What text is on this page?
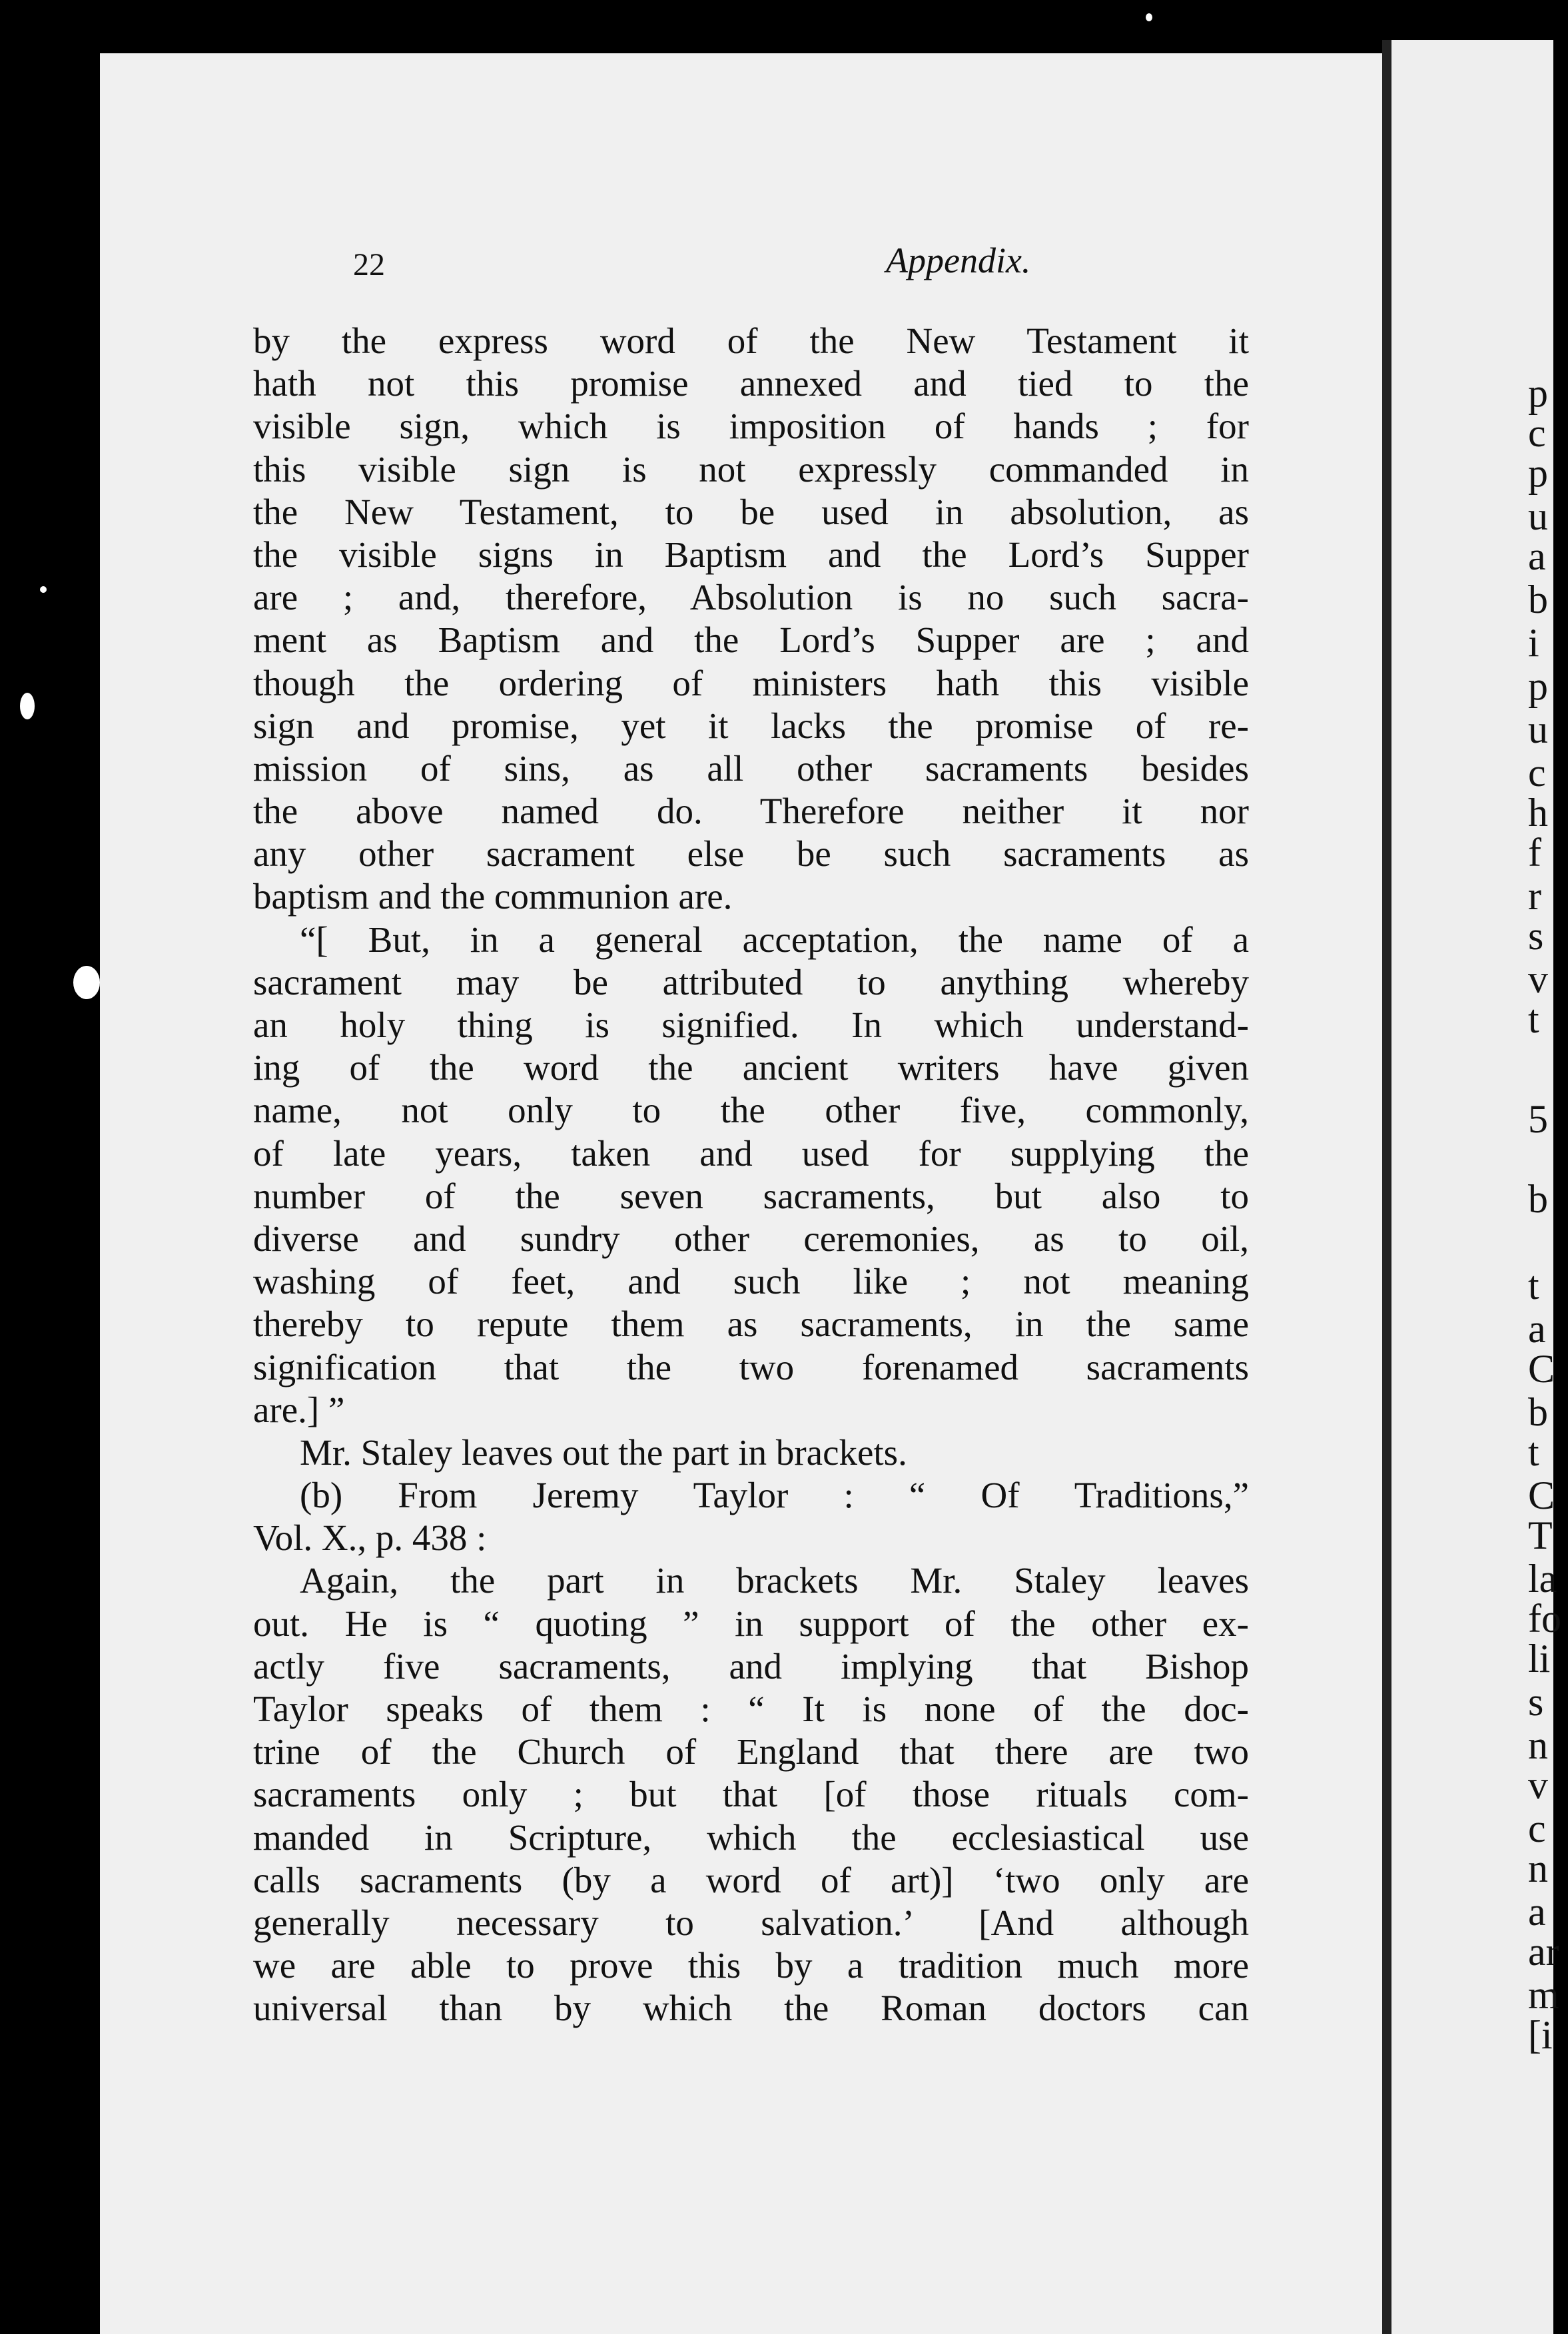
p
c
p
u
a
b
i
p
u
c
h
f
r
s
v
t
5
b
t
a
C
b
t
C
T
la
fo
li
s
n
v
c
n
a
ar
m
[i
22	Appendix.
by the express word of the New Testament it
hath not this promise annexed and tied to the
visible sign, which is imposition of hands ; for
this visible sign is not expressly commanded in
the New Testament, to be used in absolution, as
the visible signs in Baptism and the Lord’s Supper
are ; and, therefore, Absolution is no such sacra-
ment as Baptism and the Lord’s Supper are ; and
though the ordering of ministers hath this visible
sign and promise, yet it lacks the promise of re-
mission of sins, as all other sacraments besides
the above named do. Therefore neither it nor
any other sacrament else be such sacraments as
baptism and the communion are.
“[ But, in a general acceptation, the name of a
sacrament may be attributed to anything whereby
an holy thing is signified. In which understand-
ing of the word the ancient writers have given
name, not only to the other five, commonly,
of late years, taken and used for supplying the
number of the seven sacraments, but also to
diverse and sundry other ceremonies, as to oil,
washing of feet, and such like ; not meaning
thereby to repute them as sacraments, in the same
signification that the two forenamed sacraments
are.] ”
Mr. Staley leaves out the part in brackets.
(b) From Jeremy Taylor : “ Of Traditions,”
Vol. X., p. 438 :
Again, the part in brackets Mr. Staley leaves
out. He is “ quoting ” in support of the other ex-
actly five sacraments, and implying that Bishop
Taylor speaks of them : “ It is none of the doc-
trine of the Church of England that there are two
sacraments only ; but that [of those rituals com-
manded in Scripture, which the ecclesiastical use
calls sacraments (by a word of art)] ‘two only are
generally necessary to salvation.’ [And although
we are able to prove this by a tradition much more
universal than by which the Roman doctors can
